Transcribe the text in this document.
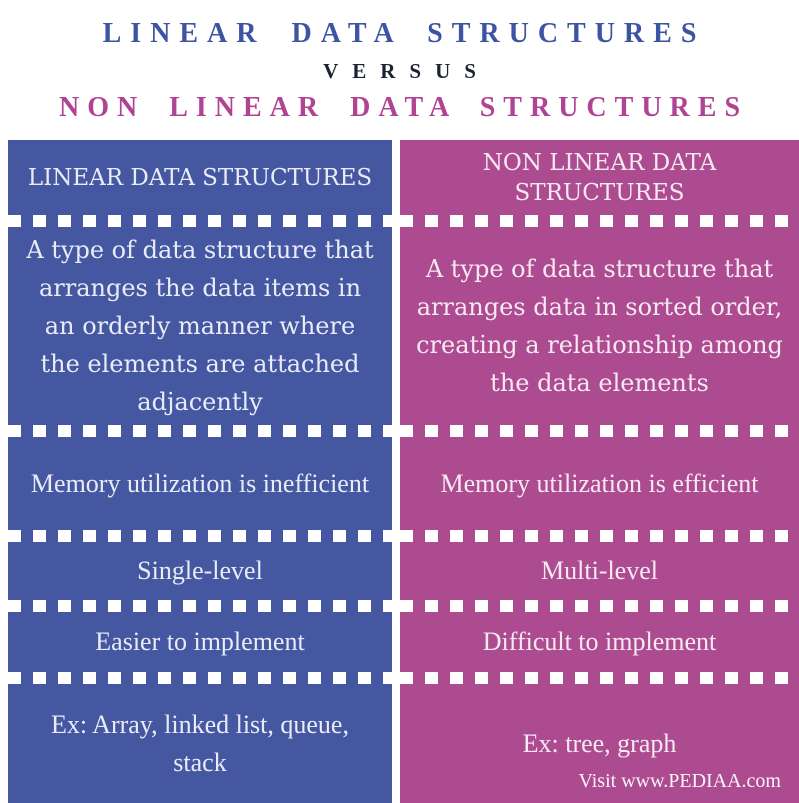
LINEAR DATA STRUCTURES
VERSUS
NON LINEAR DATA STRUCTURES
LINEAR DATA STRUCTURES
A type of data structure that arranges the data items in an orderly manner where the elements are attached adjacently
Memory utilization is inefficient
Single-level
Easier to implement
Ex: Array, linked list, queue, stack
NON LINEAR DATA STRUCTURES
A type of data structure that arranges data in sorted order, creating a relationship among the data elements
Memory utilization is efficient
Multi-level
Difficult to implement
Ex: tree, graph
Visit www.PEDIAA.com
